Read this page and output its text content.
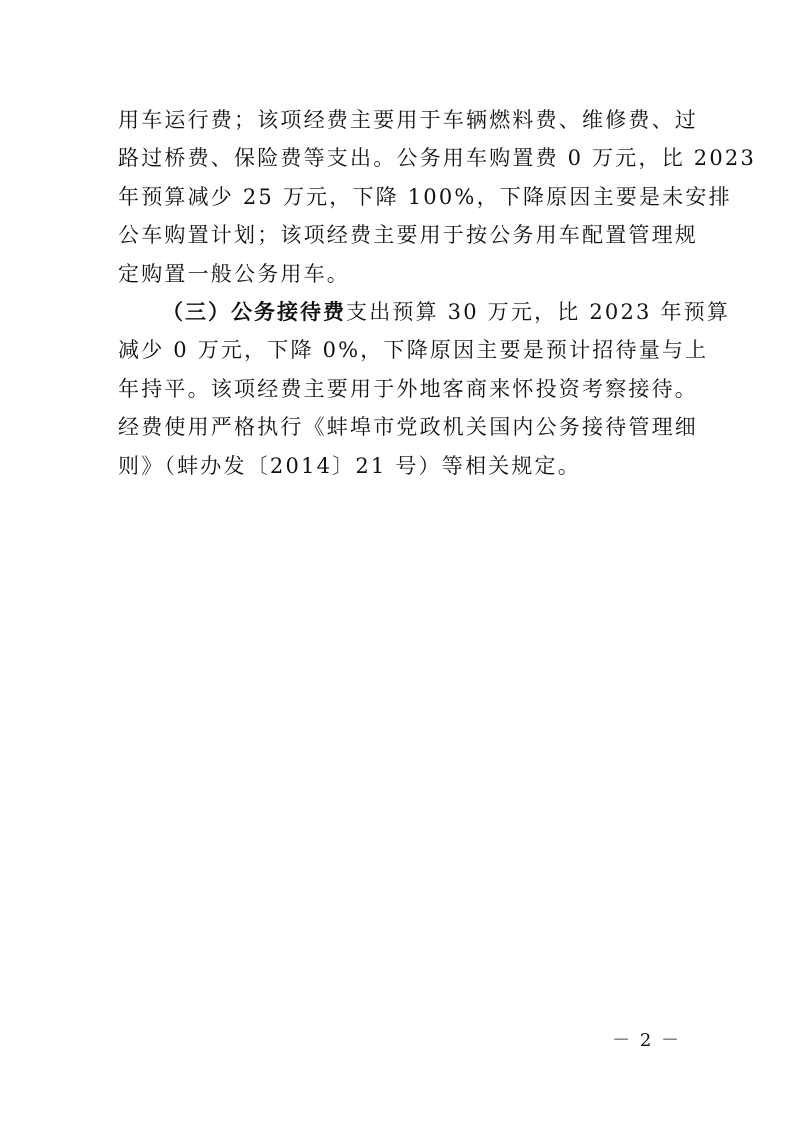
用车运行费；该项经费主要用于车辆燃料费、维修费、过
路过桥费、保险费等支出。公务用车购置费 0 万元，比 2023
年预算减少 25 万元，下降 100%，下降原因主要是未安排
公车购置计划；该项经费主要用于按公务用车配置管理规
定购置一般公务用车。
（三）公务接待费支出预算 30 万元，比 2023 年预算
减少 0 万元，下降 0%，下降原因主要是预计招待量与上
年持平。该项经费主要用于外地客商来怀投资考察接待。
经费使用严格执行《蚌埠市党政机关国内公务接待管理细
则》（蚌办发〔2014〕21 号）等相关规定。
－ 2 －
